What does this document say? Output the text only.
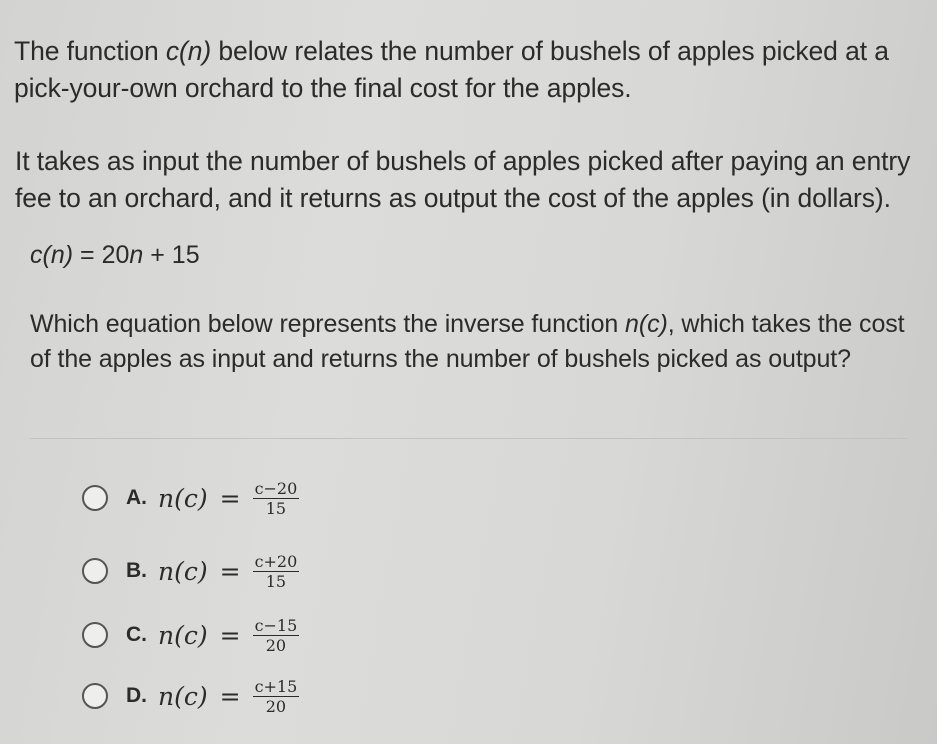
The function c(n) below relates the number of bushels of apples picked at a pick-your-own orchard to the final cost for the apples.
It takes as input the number of bushels of apples picked after paying an entry fee to an orchard, and it returns as output the cost of the apples (in dollars).
c(n) = 20n + 15
Which equation below represents the inverse function n(c), which takes the cost of the apples as input and returns the number of bushels picked as output?
A. $n(c) = \frac{c-20}{15}$
B. $n(c) = \frac{c+20}{15}$
C. $n(c) = \frac{c-15}{20}$
D. $n(c) = \frac{c+15}{20}$
